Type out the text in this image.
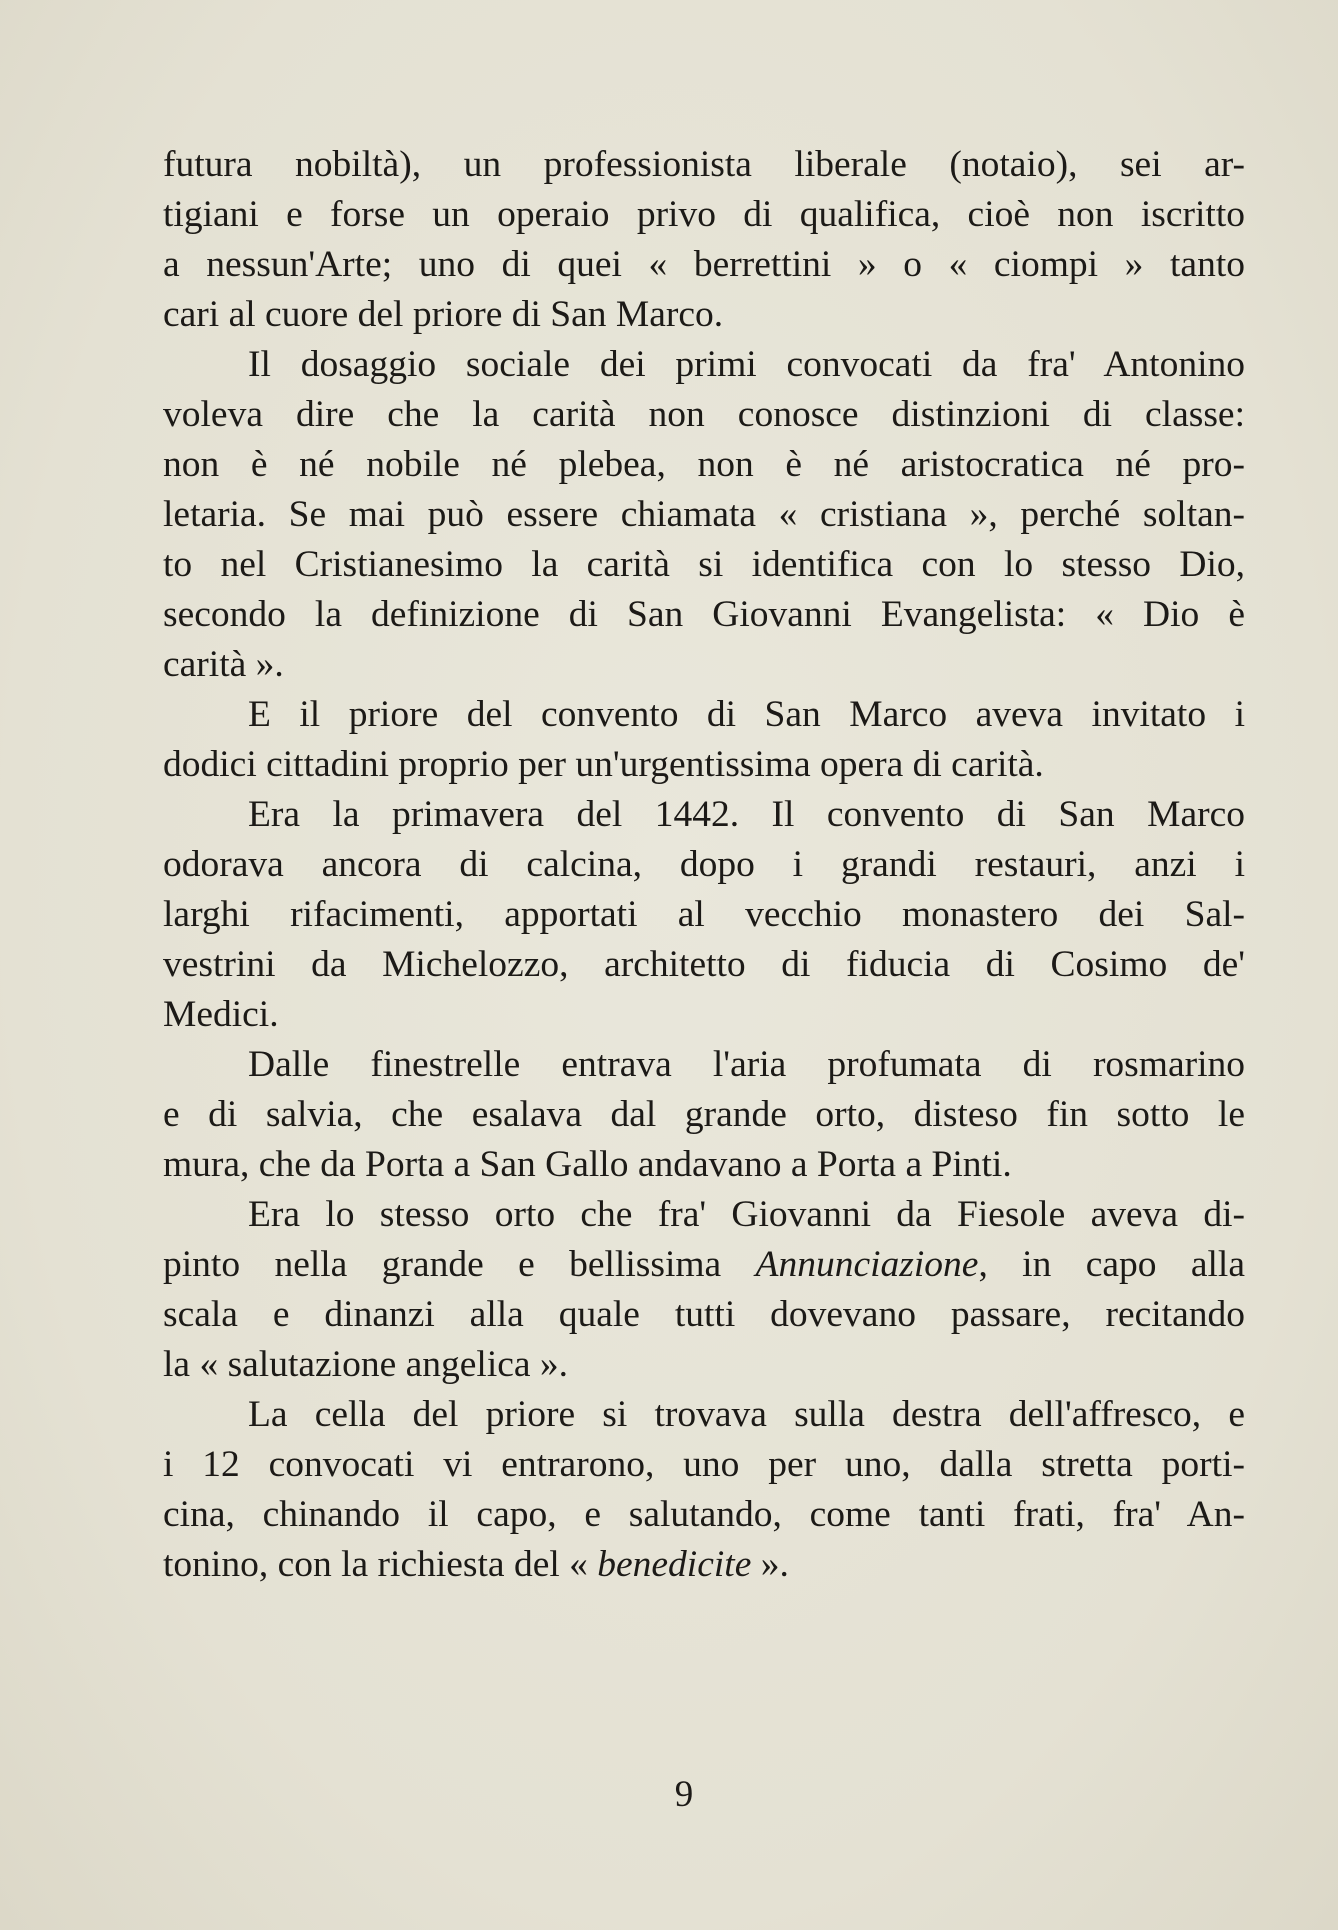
futura nobiltà), un professionista liberale (notaio), sei ar-
tigiani e forse un operaio privo di qualifica, cioè non iscritto
a nessun'Arte; uno di quei « berrettini » o « ciompi » tanto
cari al cuore del priore di San Marco.
Il dosaggio sociale dei primi convocati da fra' Antonino
voleva dire che la carità non conosce distinzioni di classe:
non è né nobile né plebea, non è né aristocratica né pro-
letaria. Se mai può essere chiamata « cristiana », perché soltan-
to nel Cristianesimo la carità si identifica con lo stesso Dio,
secondo la definizione di San Giovanni Evangelista: « Dio è
carità ».
E il priore del convento di San Marco aveva invitato i
dodici cittadini proprio per un'urgentissima opera di carità.
Era la primavera del 1442. Il convento di San Marco
odorava ancora di calcina, dopo i grandi restauri, anzi i
larghi rifacimenti, apportati al vecchio monastero dei Sal-
vestrini da Michelozzo, architetto di fiducia di Cosimo de'
Medici.
Dalle finestrelle entrava l'aria profumata di rosmarino
e di salvia, che esalava dal grande orto, disteso fin sotto le
mura, che da Porta a San Gallo andavano a Porta a Pinti.
Era lo stesso orto che fra' Giovanni da Fiesole aveva di-
pinto nella grande e bellissima Annunciazione, in capo alla
scala e dinanzi alla quale tutti dovevano passare, recitando
la « salutazione angelica ».
La cella del priore si trovava sulla destra dell'affresco, e
i 12 convocati vi entrarono, uno per uno, dalla stretta porti-
cina, chinando il capo, e salutando, come tanti frati, fra' An-
tonino, con la richiesta del « benedicite ».
9
